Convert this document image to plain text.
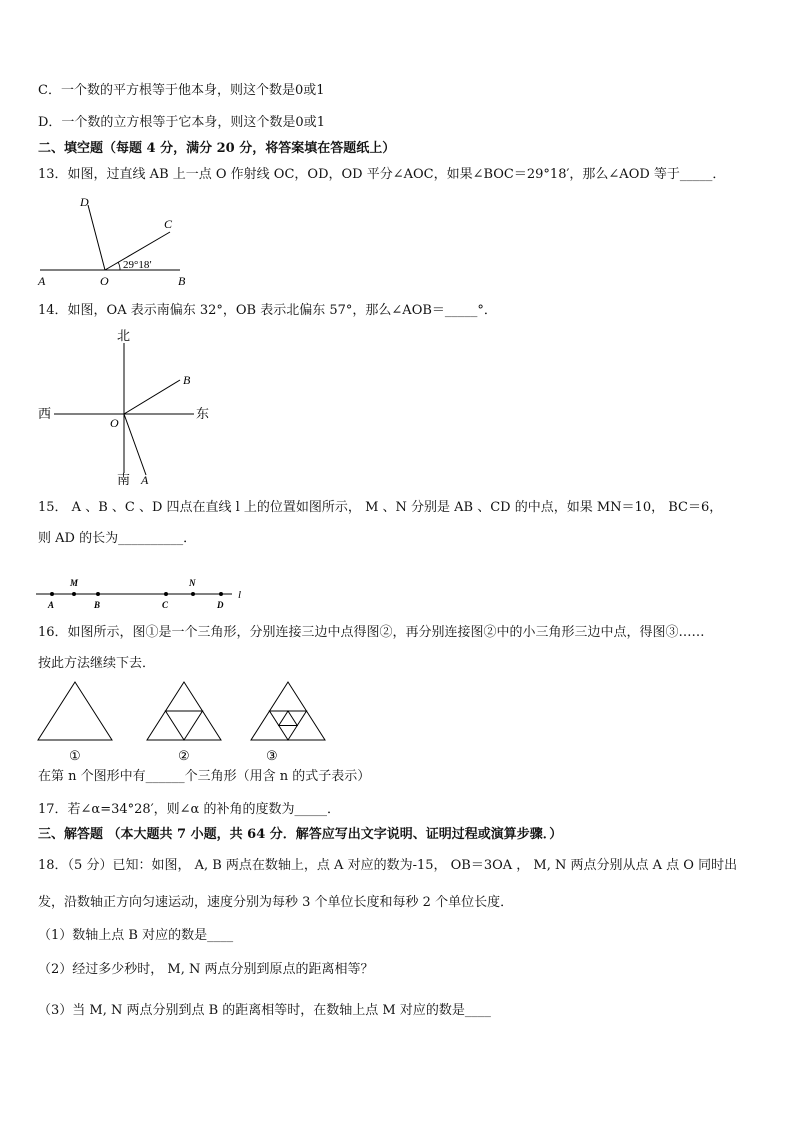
C．一个数的平方根等于他本身，则这个数是0或1
D．一个数的立方根等于它本身，则这个数是0或1
二、填空题（每题 4 分，满分 20 分，将答案填在答题纸上）
13．如图，过直线 AB 上一点 O 作射线 OC，OD，OD 平分∠AOC，如果∠BOC＝29°18′，那么∠AOD 等于_____．
D
C
A	O	B
29°18′
14．如图，OA 表示南偏东 32°，OB 表示北偏东 57°，那么∠AOB＝_____°．
北
南
西	东
O
A
B
15． A 、B 、C 、D 四点在直线 l 上的位置如图所示， M 、N 分别是 AB 、CD 的中点，如果 MN＝10， BC＝6，
则 AD 的长为__________．
M	N
A	B	C	D
l
16．如图所示，图①是一个三角形，分别连接三边中点得图②，再分别连接图②中的小三角形三边中点，得图③……
按此方法继续下去．
①	②	③
在第 n 个图形中有______个三角形（用含 n 的式子表示）
17．若∠α=34°28′，则∠α 的补角的度数为_____．
三、解答题 （本大题共 7 小题，共 64 分．解答应写出文字说明、证明过程或演算步骤．）
18．（5 分）已知：如图， A, B 两点在数轴上，点 A 对应的数为-15， OB＝3OA ， M, N 两点分别从点 A 点 O 同时出
发，沿数轴正方向匀速运动，速度分别为每秒 3 个单位长度和每秒 2 个单位长度．
（1）数轴上点 B 对应的数是____
（2）经过多少秒时， M, N 两点分别到原点的距离相等？
（3）当 M, N 两点分别到点 B 的距离相等时，在数轴上点 M 对应的数是____
